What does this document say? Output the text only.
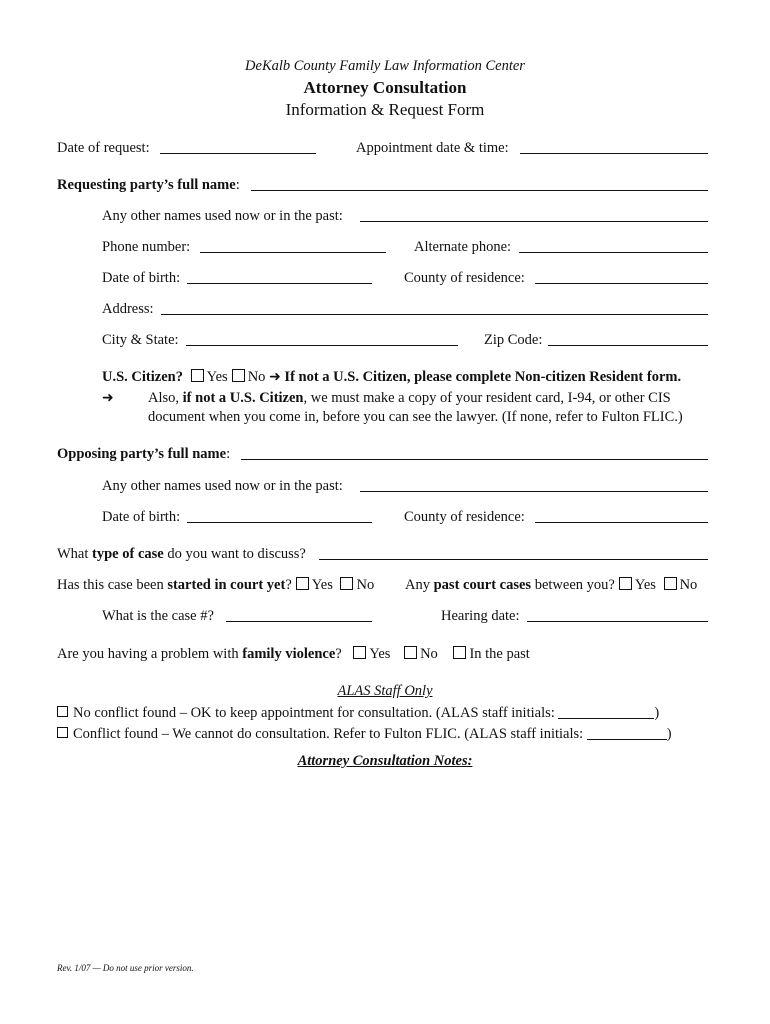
DeKalb County Family Law Information Center
Attorney Consultation
Information & Request Form
Date of request:	Appointment date & time:
Requesting party’s full name:
Any other names used now or in the past:
Phone number:	Alternate phone:
Date of birth:	County of residence:
Address:
City & State:	Zip Code:
U.S. Citizen? Yes No ➜ If not a U.S. Citizen, please complete Non-citizen Resident form.
➜ Also, if not a U.S. Citizen, we must make a copy of your resident card, I-94, or other CIS
document when you come in, before you can see the lawyer. (If none, refer to Fulton FLIC.)
Opposing party’s full name:
Any other names used now or in the past:
Date of birth:	County of residence:
What type of case do you want to discuss?
Has this case been started in court yet? Yes No Any past court cases between you? Yes No
What is the case #?	Hearing date:
Are you having a problem with family violence? Yes No In the past
ALAS Staff Only
No conflict found – OK to keep appointment for consultation. (ALAS staff initials:	)
Conflict found – We cannot do consultation. Refer to Fulton FLIC. (ALAS staff initials:	)
Attorney Consultation Notes:
Rev. 1/07 — Do not use prior version.
